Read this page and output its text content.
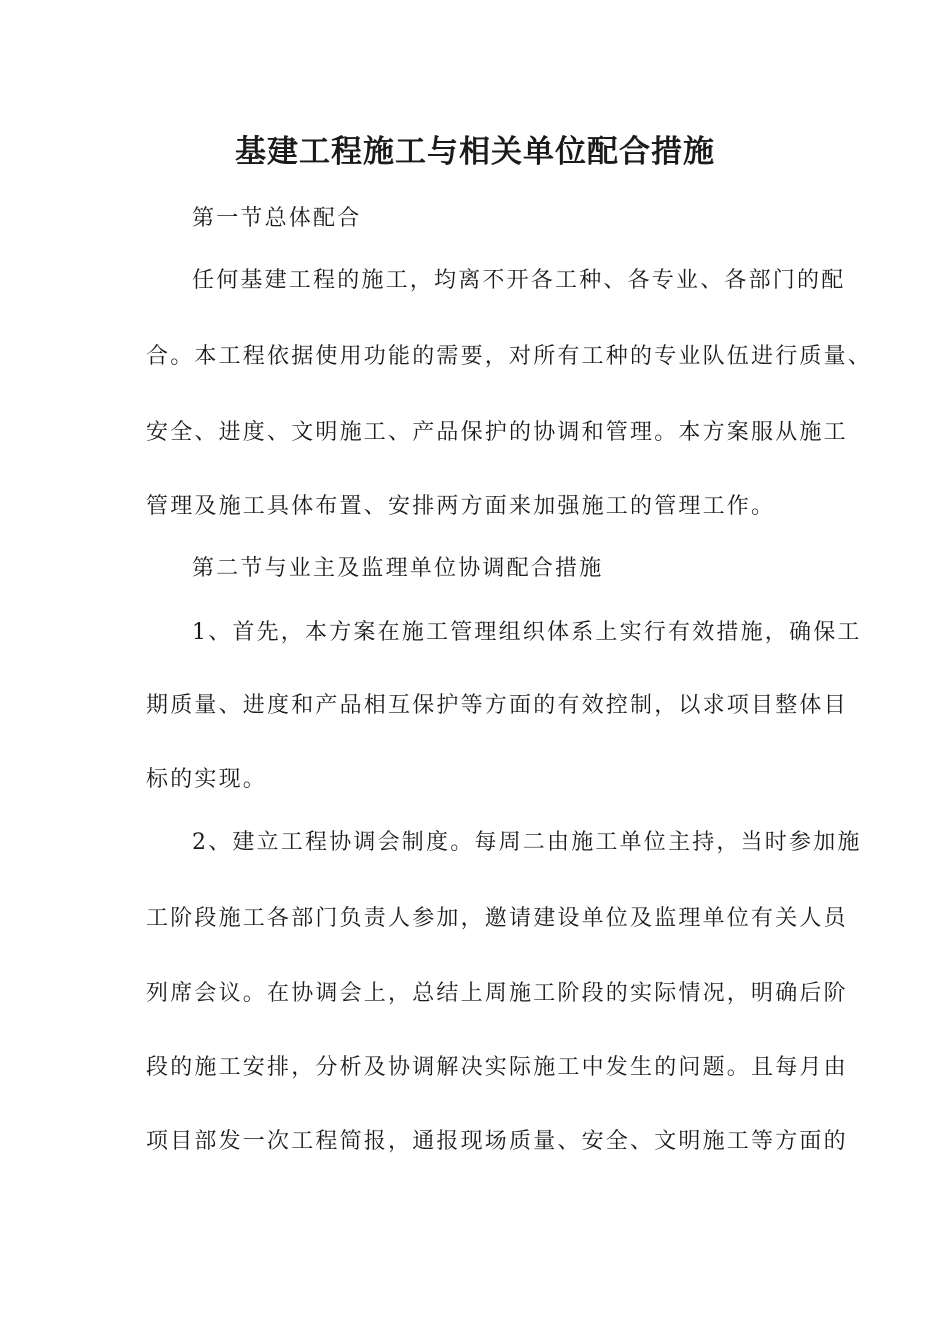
基建工程施工与相关单位配合措施

第一节总体配合

任何基建工程的施工，均离不开各工种、各专业、各部门的配

合。本工程依据使用功能的需要，对所有工种的专业队伍进行质量、

安全、进度、文明施工、产品保护的协调和管理。本方案服从施工

管理及施工具体布置、安排两方面来加强施工的管理工作。

第二节与业主及监理单位协调配合措施

1、首先，本方案在施工管理组织体系上实行有效措施，确保工

期质量、进度和产品相互保护等方面的有效控制，以求项目整体目

标的实现。

2、建立工程协调会制度。每周二由施工单位主持，当时参加施

工阶段施工各部门负责人参加，邀请建设单位及监理单位有关人员

列席会议。在协调会上，总结上周施工阶段的实际情况，明确后阶

段的施工安排，分析及协调解决实际施工中发生的问题。且每月由

项目部发一次工程简报，通报现场质量、安全、文明施工等方面的
